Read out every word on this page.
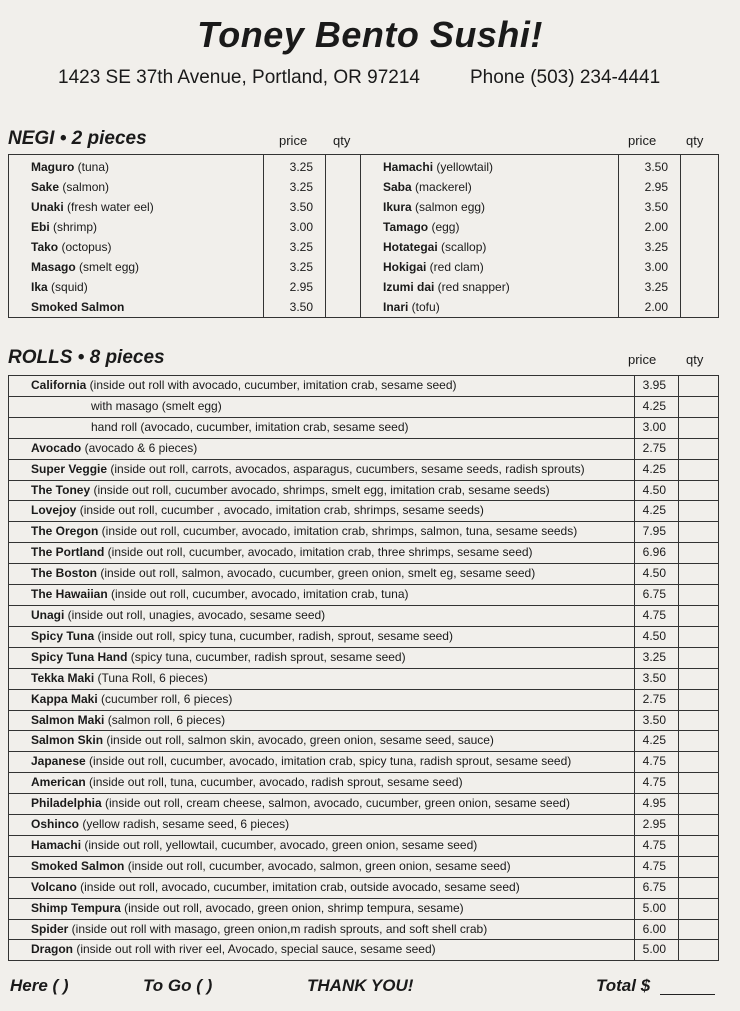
Toney Bento Sushi!
1423 SE 37th Avenue, Portland, OR 97214	Phone (503) 234-4441
NEGI • 2 pieces	price qty	price qty
Maguro (tuna)	3.25	
Sake (salmon)	3.25	
Unaki (fresh water eel)	3.50	
Ebi (shrimp)	3.00	
Tako (octopus)	3.25	
Masago (smelt egg)	3.25	
Ika (squid)	2.95	
Smoked Salmon	3.50	
Hamachi (yellowtail)	3.50	
Saba (mackerel)	2.95	
Ikura (salmon egg)	3.50	
Tamago (egg)	2.00	
Hotategai (scallop)	3.25	
Hokigai (red clam)	3.00	
Izumi dai (red snapper)	3.25	
Inari (tofu)	2.00	
ROLLS • 8 pieces	price qty
California (inside out roll with avocado, cucumber, imitation crab, sesame seed)	3.95	
with masago (smelt egg)	4.25	
hand roll (avocado, cucumber, imitation crab, sesame seed)	3.00	
Avocado (avocado & 6 pieces)	2.75	
Super Veggie (inside out roll, carrots, avocados, asparagus, cucumbers, sesame seeds, radish sprouts)	4.25	
The Toney (inside out roll, cucumber avocado, shrimps, smelt egg, imitation crab, sesame seeds)	4.50	
Lovejoy (inside out roll, cucumber , avocado, imitation crab, shrimps, sesame seeds)	4.25	
The Oregon (inside out roll, cucumber, avocado, imitation crab, shrimps, salmon, tuna, sesame seeds)	7.95	
The Portland (inside out roll, cucumber, avocado, imitation crab, three shrimps, sesame seed)	6.96	
The Boston (inside out roll, salmon, avocado, cucumber, green onion, smelt eg, sesame seed)	4.50	
The Hawaiian (inside out roll, cucumber, avocado, imitation crab, tuna)	6.75	
Unagi (inside out roll, unagies, avocado, sesame seed)	4.75	
Spicy Tuna (inside out roll, spicy tuna, cucumber, radish, sprout, sesame seed)	4.50	
Spicy Tuna Hand (spicy tuna, cucumber, radish sprout, sesame seed)	3.25	
Tekka Maki (Tuna Roll, 6 pieces)	3.50	
Kappa Maki (cucumber roll, 6 pieces)	2.75	
Salmon Maki (salmon roll, 6 pieces)	3.50	
Salmon Skin (inside out roll, salmon skin, avocado, green onion, sesame seed, sauce)	4.25	
Japanese (inside out roll, cucumber, avocado, imitation crab, spicy tuna, radish sprout, sesame seed)	4.75	
American (inside out roll, tuna, cucumber, avocado, radish sprout, sesame seed)	4.75	
Philadelphia (inside out roll, cream cheese, salmon, avocado, cucumber, green onion, sesame seed)	4.95	
Oshinco (yellow radish, sesame seed, 6 pieces)	2.95	
Hamachi (inside out roll, yellowtail, cucumber, avocado, green onion, sesame seed)	4.75	
Smoked Salmon (inside out roll, cucumber, avocado, salmon, green onion, sesame seed)	4.75	
Volcano (inside out roll, avocado, cucumber, imitation crab, outside avocado, sesame seed)	6.75	
Shimp Tempura (inside out roll, avocado, green onion, shrimp tempura, sesame)	5.00	
Spider (inside out roll with masago, green onion,m radish sprouts, and soft shell crab)	6.00	
Dragon (inside out roll with river eel, Avocado, special sauce, sesame seed)	5.00	
Here ( )	To Go ( )	THANK YOU!	Total $
